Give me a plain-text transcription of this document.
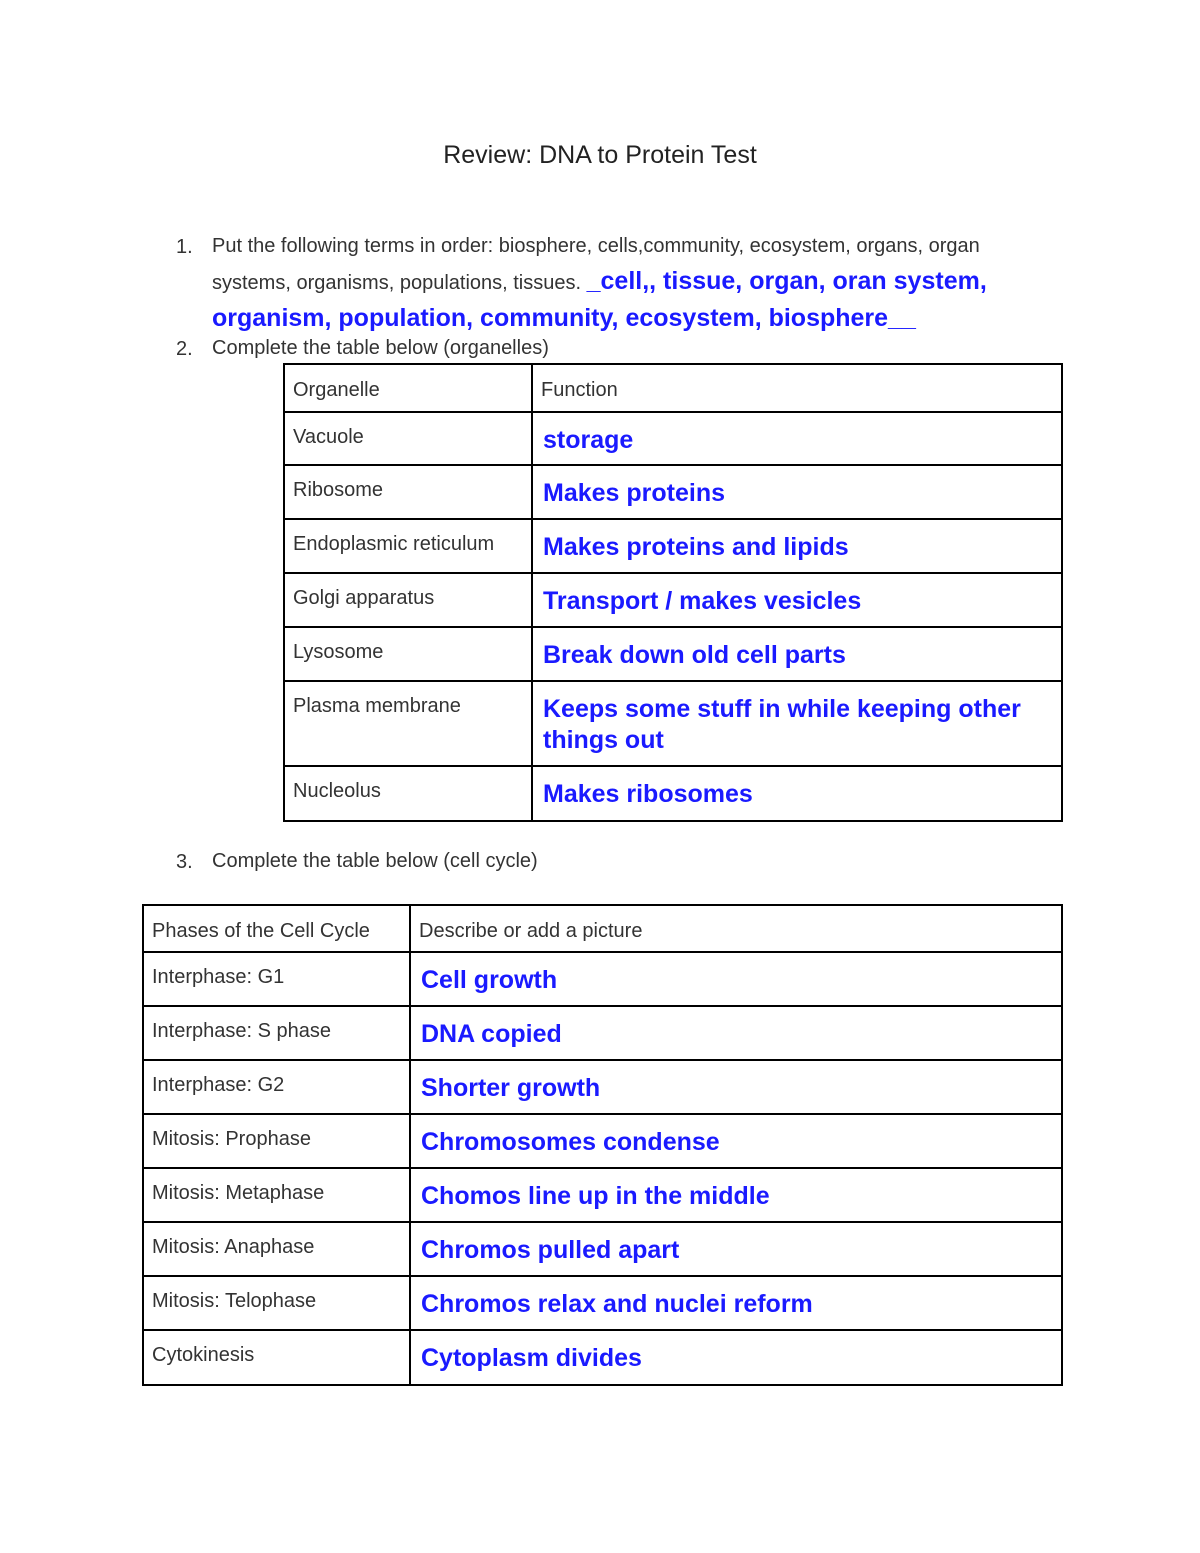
Review: DNA to Protein Test
1. Put the following terms in order: biosphere, cells,community, ecosystem, organs, organ systems, organisms, populations, tissues. _cell,, tissue, organ, oran system, organism, population, community, ecosystem, biosphere__
2. Complete the table below (organelles)
Organelle	Function

Vacuole	storage

Ribosome	Makes proteins

Endoplasmic reticulum	Makes proteins and lipids

Golgi apparatus	Transport / makes vesicles

Lysosome	Break down old cell parts

Plasma membrane	Keeps some stuff in while keeping other things out

Nucleolus	Makes ribosomes
3. Complete the table below (cell cycle)
Phases of the Cell Cycle	Describe or add a picture

Interphase: G1	Cell growth

Interphase: S phase	DNA copied

Interphase: G2	Shorter growth

Mitosis: Prophase	Chromosomes condense

Mitosis: Metaphase	Chomos line up in the middle

Mitosis: Anaphase	Chromos pulled apart

Mitosis: Telophase	Chromos relax and nuclei reform

Cytokinesis	Cytoplasm divides
